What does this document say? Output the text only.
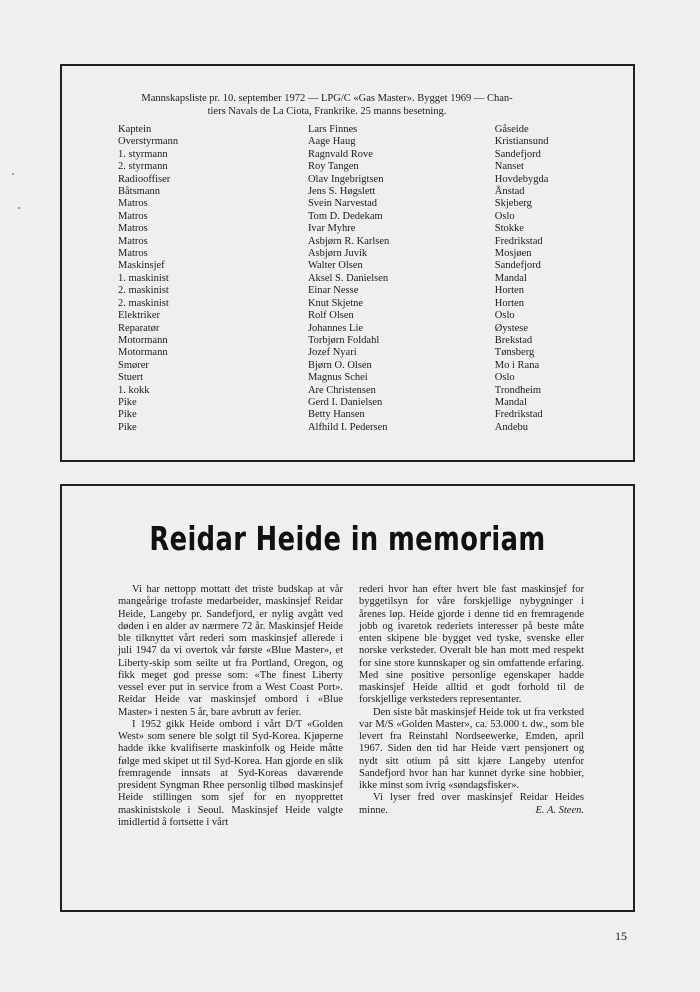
Mannskapsliste pr. 10. september 1972 — LPG/C «Gas Master». Bygget 1969 — Chan-
tiers Navals de La Ciota, Frankrike. 25 manns besetning.

Kaptein	Lars Finnes	Gåseide
Overstyrmann	Aage Haug	Kristiansund
1. styrmann	Ragnvald Rove	Sandefjord
2. styrmann	Roy Tangen	Nanset
Radiooffiser	Olav Ingebrigtsen	Hovdebygda
Båtsmann	Jens S. Høgslett	Ånstad
Matros	Svein Narvestad	Skjeberg
Matros	Tom D. Dedekam	Oslo
Matros	Ivar Myhre	Stokke
Matros	Asbjørn R. Karlsen	Fredrikstad
Matros	Asbjørn Juvik	Mosjøen
Maskinsjef	Walter Olsen	Sandefjord
1. maskinist	Aksel S. Danielsen	Mandal
2. maskinist	Einar Nesse	Horten
2. maskinist	Knut Skjetne	Horten
Elektriker	Rolf Olsen	Oslo
Reparatør	Johannes Lie	Øystese
Motormann	Torbjørn Foldahl	Brekstad
Motormann	Jozef Nyari	Tønsberg
Smører	Bjørn O. Olsen	Mo i Rana
Stuert	Magnus Schei	Oslo
1. kokk	Are Christensen	Trondheim
Pike	Gerd I. Danielsen	Mandal
Pike	Betty Hansen	Fredrikstad
Pike	Alfhild I. Pedersen	Andebu
Reidar Heide in memoriam

Vi har nettopp mottatt det triste budskap at vår mangeårige trofaste medarbeider, maskinsjef Reidar Heide, Langeby pr. Sandefjord, er nylig avgått ved døden i en alder av nærmere 72 år. Maskinsjef Heide ble tilknyttet vårt rederi som maskinsjef allerede i juli 1947 da vi overtok vår første «Blue Master», et Liberty-skip som seilte ut fra Portland, Oregon, og fikk meget god presse som: «The finest Liberty vessel ever put in service from a West Coast Port». Reidar Heide var maskinsjef ombord i «Blue Master» i nesten 5 år, bare avbrutt av ferier.

I 1952 gikk Heide ombord i vårt D/T «Golden West» som senere ble solgt til Syd-Korea. Kjøperne hadde ikke kvalifiserte maskinfolk og Heide måtte følge med skipet ut til Syd-Korea. Han gjorde en slik fremragende innsats at Syd-Koreas daværende president Syngman Rhee personlig tilbød maskinsjef Heide stillingen som sjef for en nyopprettet maskinistskole i Seoul. Maskinsjef Heide valgte imidlertid å fortsette i vårt

rederi hvor han efter hvert ble fast maskinsjef for byggetilsyn for våre forskjellige nybygninger i årenes løp. Heide gjorde i denne tid en fremragende jobb og ivaretok rederiets interesser på beste måte enten skipene ble bygget ved tyske, svenske eller norske verksteder. Overalt ble han mott med respekt for sine store kunnskaper og sin omfattende erfaring. Med sine positive personlige egenskaper hadde maskinsjef Heide alltid et godt forhold til de forskjellige verksteders representanter.

Den siste båt maskinsjef Heide tok ut fra verksted var M/S «Golden Master», ca. 53.000 t. dw., som ble levert fra Reinstahl Nordseewerke, Emden, april 1967. Siden den tid har Heide vært pensjonert og nydt sitt otium på sitt kjære Langeby utenfor Sandefjord hvor han har kunnet dyrke sine hobbier, ikke minst som ivrig «søndagsfisker».

Vi lyser fred over maskinsjef Reidar Heides minne.	E. A. Steen.

15
